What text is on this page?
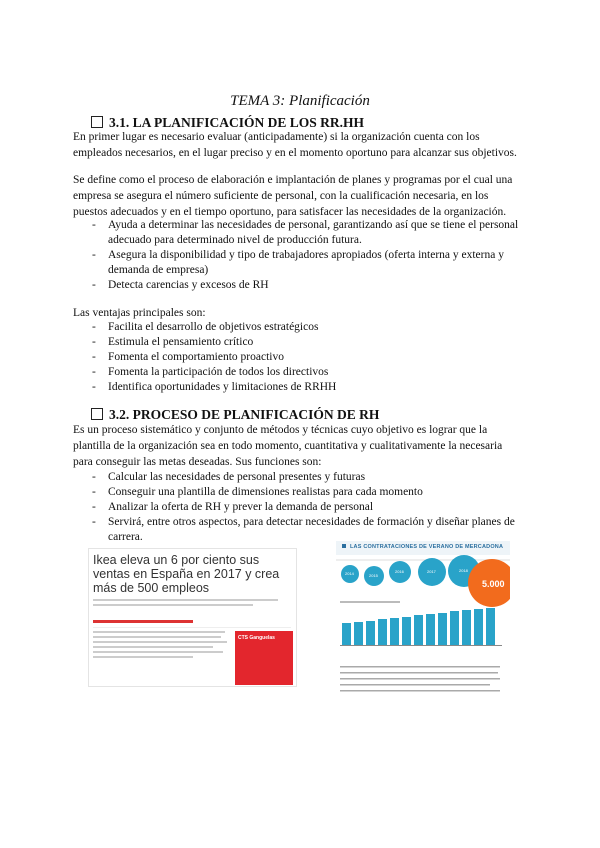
TEMA 3: Planificación
3.1. LA PLANIFICACIÓN DE LOS RR.HH

En primer lugar es necesario evaluar (anticipadamente) si la organización cuenta con los empleados necesarios, en el lugar preciso y en el momento oportuno para alcanzar sus objetivos.

Se define como el proceso de elaboración e implantación de planes y programas por el cual una empresa se asegura el número suficiente de personal, con la cualificación necesaria, en los puestos adecuados y en el tiempo oportuno, para satisfacer las necesidades de la organización.

- Ayuda a determinar las necesidades de personal, garantizando así que se tiene el personal adecuado para determinado nivel de producción futura.
- Asegura la disponibilidad y tipo de trabajadores apropiados (oferta interna y externa y demanda de empresa)
- Detecta carencias y excesos de RH

Las ventajas principales son:

- Facilita el desarrollo de objetivos estratégicos
- Estimula el pensamiento crítico
- Fomenta el comportamiento proactivo
- Fomenta la participación de todos los directivos
- Identifica oportunidades y limitaciones de RRHH
3.2. PROCESO DE PLANIFICACIÓN DE RH

Es un proceso sistemático y conjunto de métodos y técnicas cuyo objetivo es lograr que la plantilla de la organización sea en todo momento, cuantitativa y cualitativamente la necesaria para conseguir las metas deseadas. Sus funciones son:

- Calcular las necesidades de personal presentes y futuras
- Conseguir una plantilla de dimensiones realistas para cada momento
- Analizar la oferta de RH y prever la demanda de personal
- Servirá, entre otros aspectos, para detectar necesidades de formación y diseñar planes de carrera.
Ikea eleva un 6 por ciento sus ventas en España en 2017 y crea más de 500 empleos
CTS Ganguelas
LAS CONTRATACIONES DE VERANO DE MERCADONA
5.000
2014	2015
2016	2017	2018
